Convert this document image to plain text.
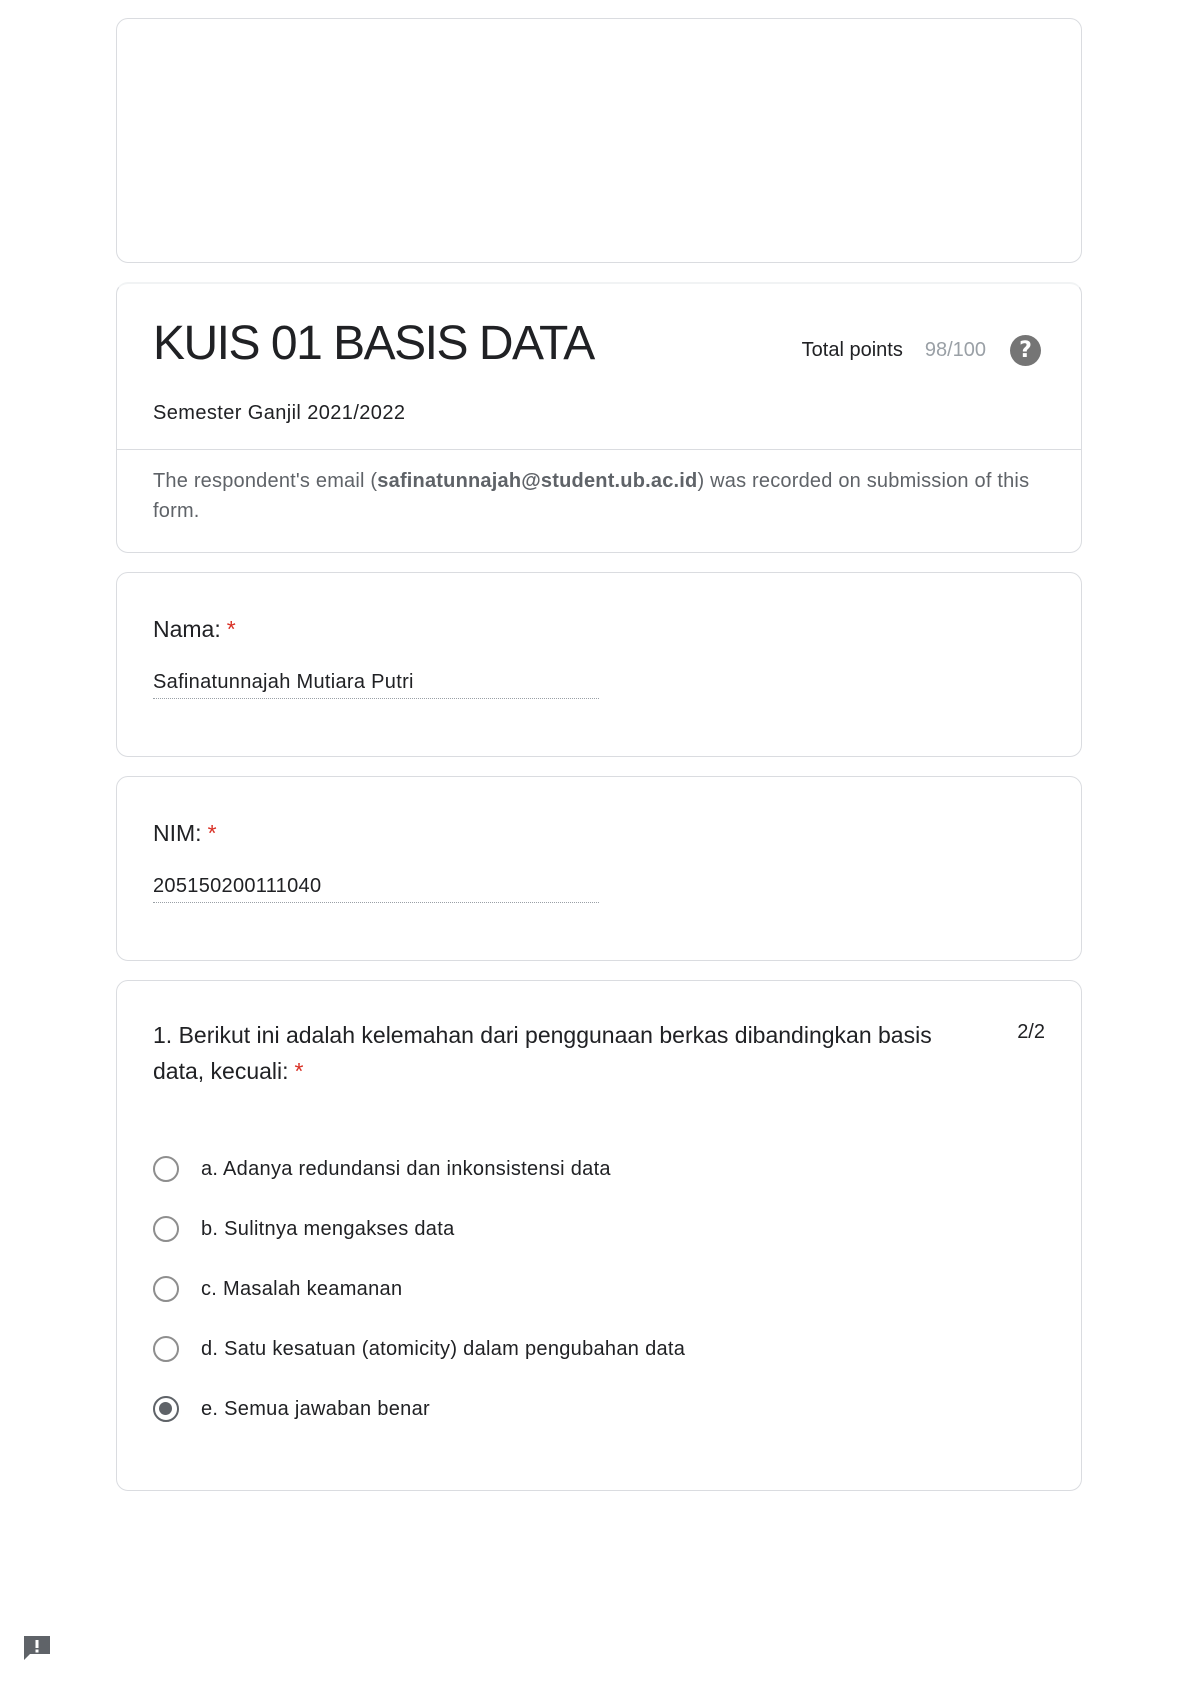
KUIS 01 BASIS DATA	Total points 98/100	?
Semester Ganjil 2021/2022
The respondent's email (safinatunnajah@student.ub.ac.id) was recorded on submission of this form.
Nama: *
Safinatunnajah Mutiara Putri
NIM: *
205150200111040
1. Berikut ini adalah kelemahan dari penggunaan berkas dibandingkan basis data, kecuali: *
2/2
a. Adanya redundansi dan inkonsistensi data
b. Sulitnya mengakses data
c. Masalah keamanan
d. Satu kesatuan (atomicity) dalam pengubahan data
e. Semua jawaban benar
